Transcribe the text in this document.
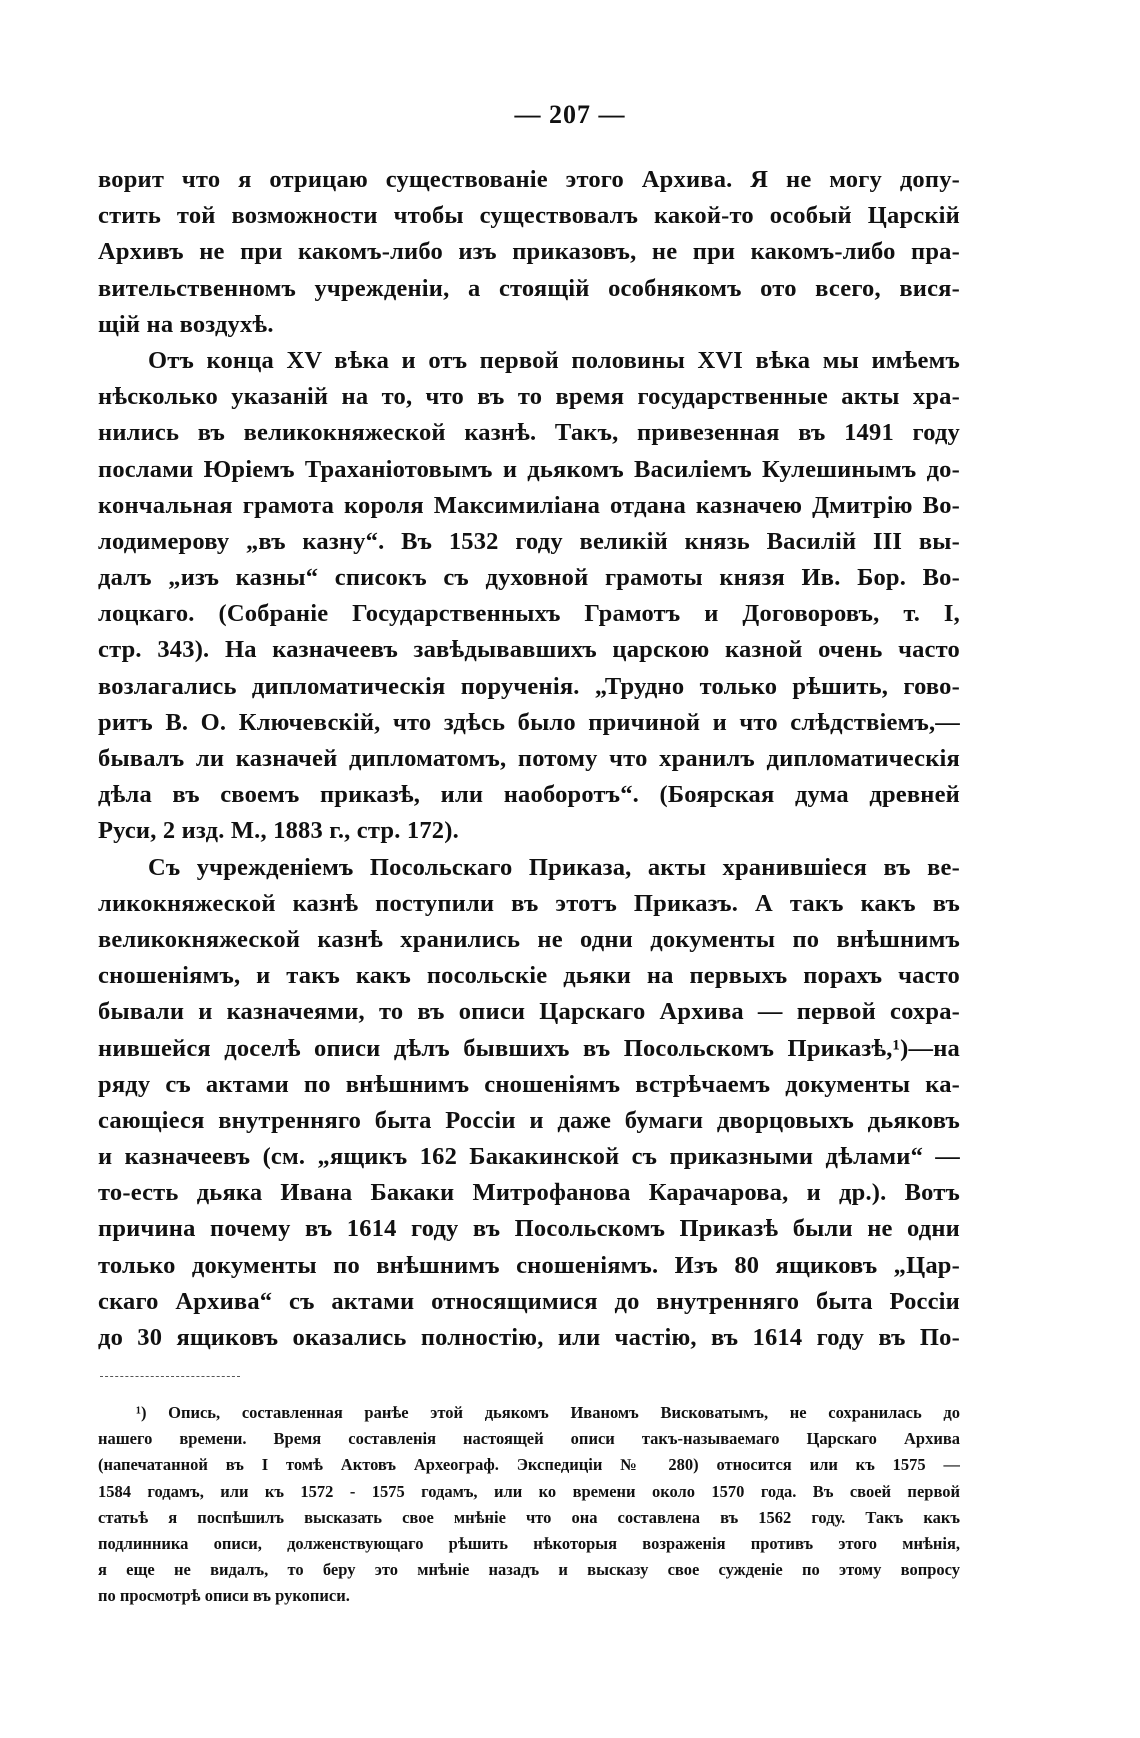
— 207 —
ворит что я отрицаю существованіе этого Архива. Я не могу допу-
стить той возможности чтобы существовалъ какой-то особый Царскій
Архивъ не при какомъ-либо изъ приказовъ, не при какомъ-либо пра-
вительственномъ учрежденіи, а стоящій особнякомъ ото всего, вися-
щій на воздухѣ.
Отъ конца XV вѣка и отъ первой половины XVI вѣка мы имѣемъ
нѣсколько указаній на то, что въ то время государственные акты хра-
нились въ великокняжеской казнѣ. Такъ, привезенная въ 1491 году
послами Юріемъ Траханіотовымъ и дьякомъ Василіемъ Кулешинымъ до-
кончальная грамота короля Максимиліана отдана казначею Дмитрію Во-
лодимерову „въ казну“. Въ 1532 году великій князь Василій III вы-
далъ „изъ казны“ списокъ съ духовной грамоты князя Ив. Бор. Во-
лоцкаго. (Собраніе Государственныхъ Грамотъ и Договоровъ, т. I,
стр. 343). На казначеевъ завѣдывавшихъ царскою казной очень часто
возлагались дипломатическія порученія. „Трудно только рѣшить, гово-
ритъ В. О. Ключевскій, что здѣсь было причиной и что слѣдствіемъ,—
бывалъ ли казначей дипломатомъ, потому что хранилъ дипломатическія
дѣла въ своемъ приказѣ, или наоборотъ“. (Боярская дума древней
Руси, 2 изд. М., 1883 г., стр. 172).
Съ учрежденіемъ Посольскаго Приказа, акты хранившіеся въ ве-
ликокняжеской казнѣ поступили въ этотъ Приказъ. А такъ какъ въ
великокняжеской казнѣ хранились не одни документы по внѣшнимъ
сношеніямъ, и такъ какъ посольскіе дьяки на первыхъ порахъ часто
бывали и казначеями, то въ описи Царскаго Архива — первой сохра-
нившейся доселѣ описи дѣлъ бывшихъ въ Посольскомъ Приказѣ,¹)—на
ряду съ актами по внѣшнимъ сношеніямъ встрѣчаемъ документы ка-
сающіеся внутренняго быта Россіи и даже бумаги дворцовыхъ дьяковъ
и казначеевъ (см. „ящикъ 162 Бакакинской съ приказными дѣлами“ —
то-есть дьяка Ивана Бакаки Митрофанова Карачарова, и др.). Вотъ
причина почему въ 1614 году въ Посольскомъ Приказѣ были не одни
только документы по внѣшнимъ сношеніямъ. Изъ 80 ящиковъ „Цар-
скаго Архива“ съ актами относящимися до внутренняго быта Россіи
до 30 ящиковъ оказались полностію, или частію, въ 1614 году въ По-
¹) Опись, составленная ранѣе этой дьякомъ Иваномъ Висковатымъ, не сохранилась до
нашего времени. Время составленія настоящей описи такъ-называемаго Царскаго Архива
(напечатанной въ I томѣ Актовъ Археограф. Экспедиціи № 280) относится или къ 1575 —
1584 годамъ, или къ 1572 - 1575 годамъ, или ко времени около 1570 года. Въ своей первой
статьѣ я поспѣшилъ высказать свое мнѣніе что она составлена въ 1562 году. Такъ какъ
подлинника описи, долженствующаго рѣшить нѣкоторыя возраженія противъ этого мнѣнія,
я еще не видалъ, то беру это мнѣніе назадъ и высказу свое сужденіе по этому вопросу
по просмотрѣ описи въ рукописи.
